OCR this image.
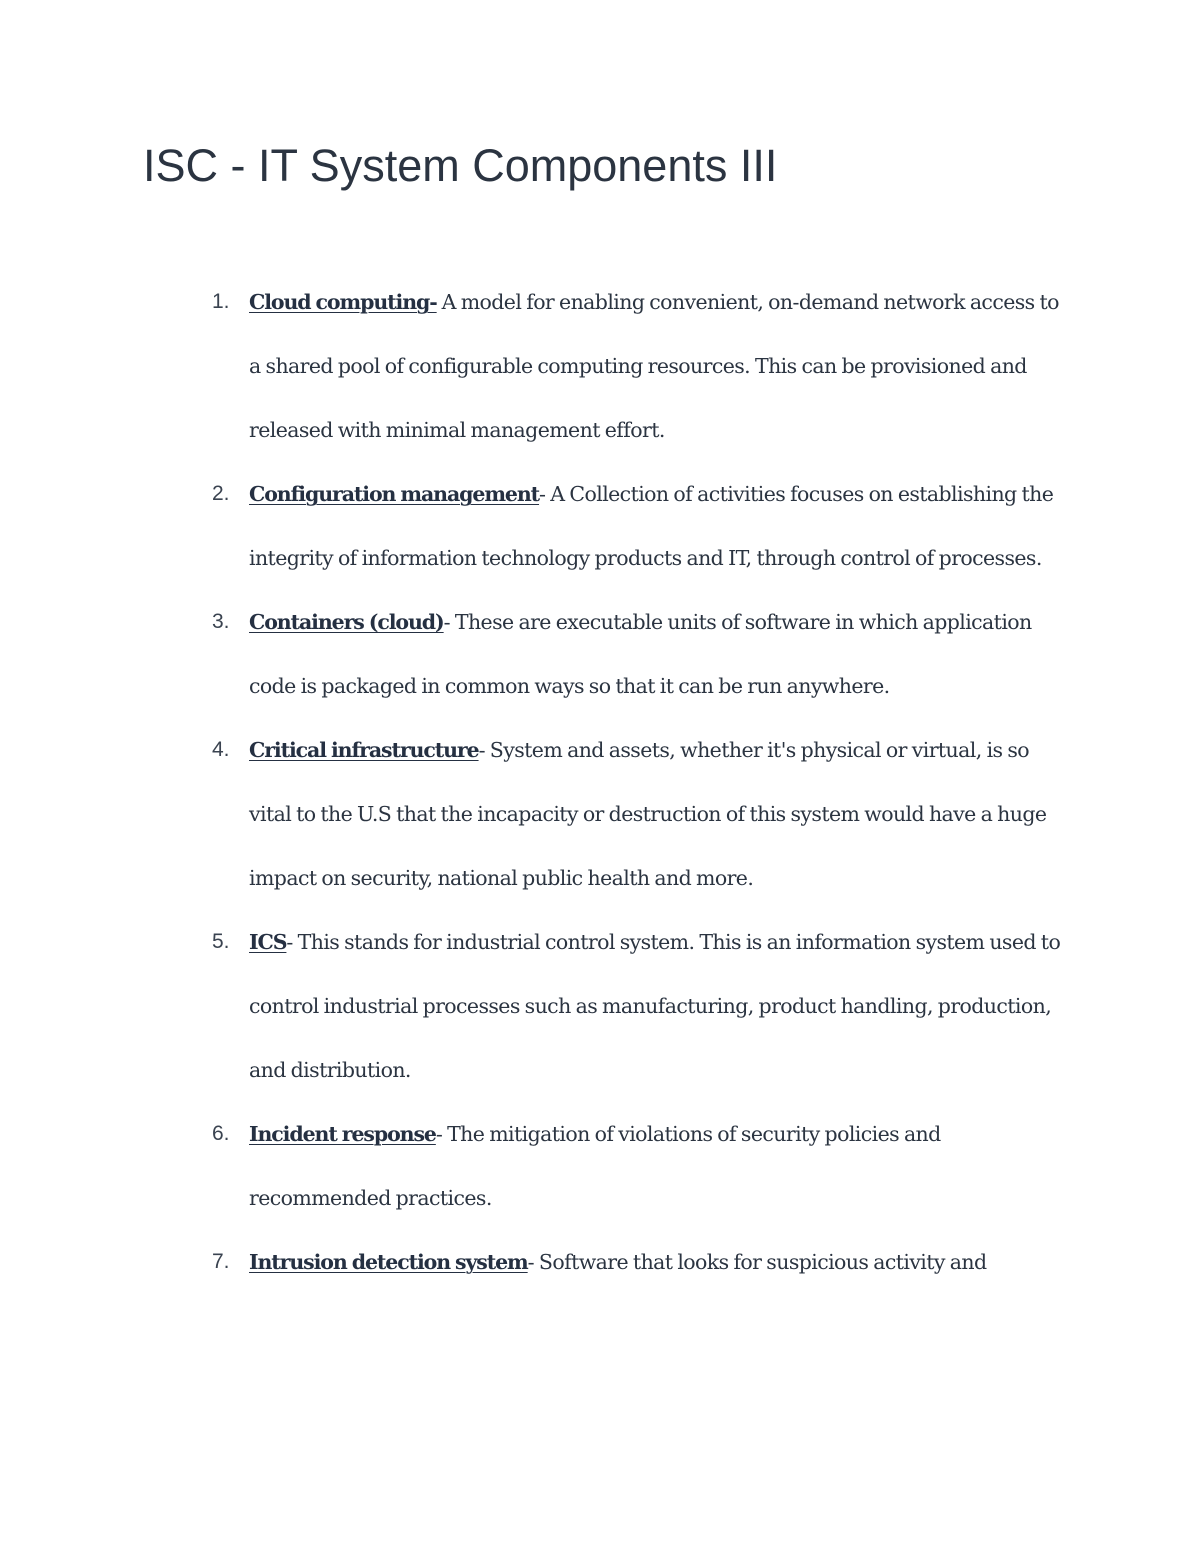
ISC - IT System Components III
1. Cloud computing- A model for enabling convenient, on-demand network access to a shared pool of configurable computing resources. This can be provisioned and released with minimal management effort.
2. Configuration management- A Collection of activities focuses on establishing the integrity of information technology products and IT, through control of processes.
3. Containers (cloud)- These are executable units of software in which application code is packaged in common ways so that it can be run anywhere.
4. Critical infrastructure- System and assets, whether it's physical or virtual, is so vital to the U.S that the incapacity or destruction of this system would have a huge impact on security, national public health and more.
5. ICS- This stands for industrial control system. This is an information system used to control industrial processes such as manufacturing, product handling, production, and distribution.
6. Incident response- The mitigation of violations of security policies and recommended practices.
7. Intrusion detection system- Software that looks for suspicious activity and
